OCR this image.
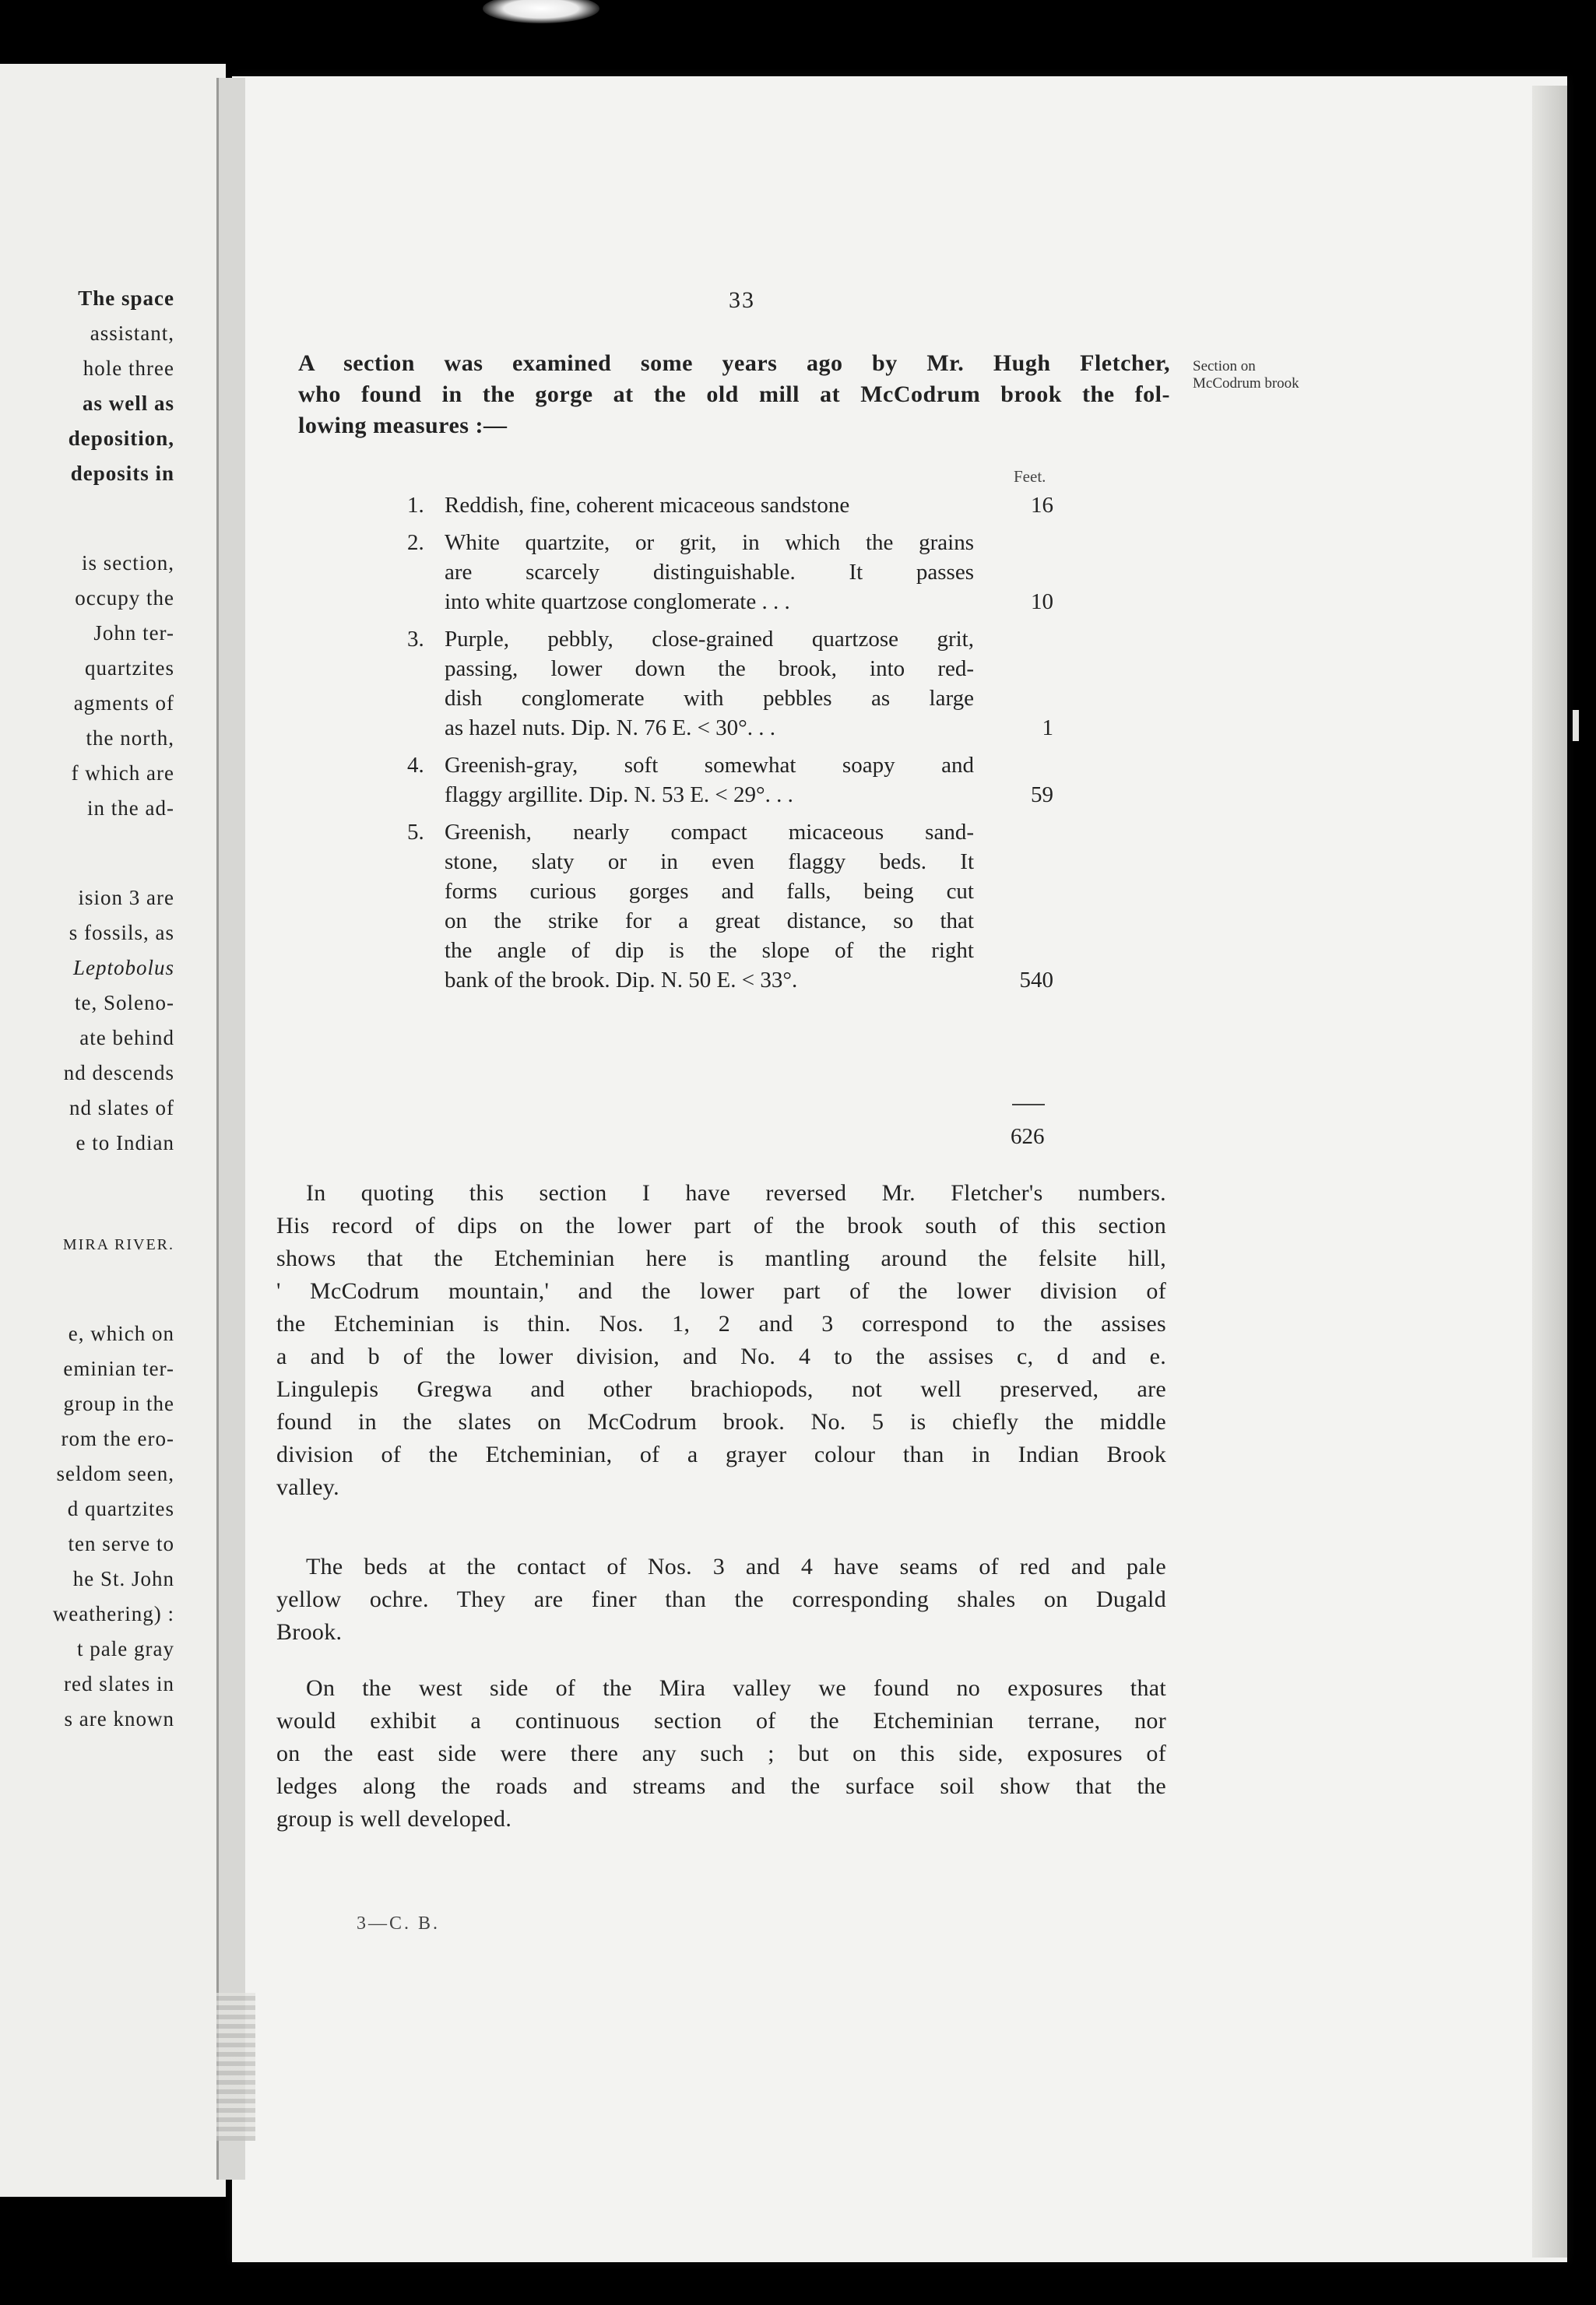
The space
assistant,
hole three
as well as
deposition,
deposits in
is section,
occupy the
John ter-
quartzites
agments of
the north,
f which are
in the ad-
ision 3 are
s fossils, as
Leptobolus
te, Soleno-
ate behind
nd descends
nd slates of
e to Indian
MIRA RIVER.
e, which on
eminian ter-
group in the
rom the ero-
seldom seen,
d quartzites
ten serve to
he St. John
weathering) :
t pale gray
red slates in
s are known
33
Section on McCodrum brook
A section was examined some years ago by Mr. Hugh Fletcher,
who found in the gorge at the old mill at McCodrum brook the fol-
lowing measures :—
Feet.
1. Reddish, fine, coherent micaceous sandstone	16
2. White quartzite, or grit, in which the grains
are scarcely distinguishable. It passes
into white quartzose conglomerate . . .	10
3. Purple, pebbly, close-grained quartzose grit,
passing, lower down the brook, into red-
dish conglomerate with pebbles as large
as hazel nuts. Dip. N. 76 E. < 30°. . .	1
4. Greenish-gray, soft somewhat soapy and
flaggy argillite. Dip. N. 53 E. < 29°. . .	59
5. Greenish, nearly compact micaceous sand-
stone, slaty or in even flaggy beds. It
forms curious gorges and falls, being cut
on the strike for a great distance, so that
the angle of dip is the slope of the right
bank of the brook. Dip. N. 50 E. < 33°.	540
626
In quoting this section I have reversed Mr. Fletcher's numbers.
His record of dips on the lower part of the brook south of this section
shows that the Etcheminian here is mantling around the felsite hill,
' McCodrum mountain,' and the lower part of the lower division of
the Etcheminian is thin. Nos. 1, 2 and 3 correspond to the assises
a and b of the lower division, and No. 4 to the assises c, d and e.
Lingulepis Gregwa and other brachiopods, not well preserved, are
found in the slates on McCodrum brook. No. 5 is chiefly the middle
division of the Etcheminian, of a grayer colour than in Indian Brook
valley.
The beds at the contact of Nos. 3 and 4 have seams of red and pale
yellow ochre. They are finer than the corresponding shales on Dugald
Brook.
On the west side of the Mira valley we found no exposures that
would exhibit a continuous section of the Etcheminian terrane, nor
on the east side were there any such ; but on this side, exposures of
ledges along the roads and streams and the surface soil show that the
group is well developed.
3—C. B.
